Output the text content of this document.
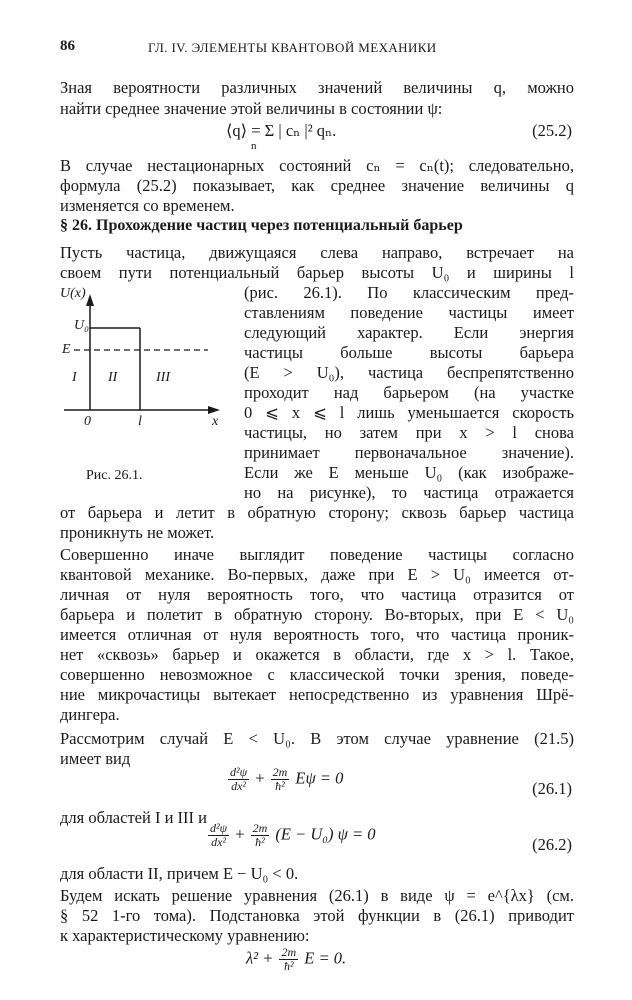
86	ГЛ. IV. ЭЛЕМЕНТЫ КВАНТОВОЙ МЕХАНИКИ
Зная вероятности различных значений величины q, можно
найти среднее значение этой величины в состоянии ψ:
⟨q⟩ = Σ | cₙ |² qₙ.
n
(25.2)
В случае нестационарных состояний cₙ = cₙ(t); следовательно,
формула (25.2) показывает, как среднее значение величины q
изменяется со временем.
§ 26. Прохождение частиц через потенциальный барьер
Пусть частица, движущаяся слева направо, встречает на
своем пути потенциальный барьер высоты U₀ и ширины l
(рис. 26.1). По классическим пред-
ставлениям поведение частицы имеет
следующий характер. Если энергия
частицы больше высоты барьера
(E > U₀), частица беспрепятственно
проходит над барьером (на участке
0 ⩽ x ⩽ l лишь уменьшается скорость
частицы, но затем при x > l снова
принимает первоначальное значение).
Если же E меньше U₀ (как изображе-
но на рисунке), то частица отражается
U(x)
U₀
E
I II	III
0	l	x
Рис. 26.1.
от барьера и летит в обратную сторону; сквозь барьер частица
проникнуть не может.
Совершенно иначе выглядит поведение частицы согласно
квантовой механике. Во-первых, даже при E > U₀ имеется от-
личная от нуля вероятность того, что частица отразится от
барьера и полетит в обратную сторону. Во-вторых, при E < U₀
имеется отличная от нуля вероятность того, что частица проник-
нет «сквозь» барьер и окажется в области, где x > l. Такое,
совершенно невозможное с классической точки зрения, поведе-
ние микрочастицы вытекает непосредственно из уравнения Шрё-
дингера.
Рассмотрим случай E < U₀. В этом случае уравнение (21.5)
имеет вид
$\frac{\text{d²ψ}}{\text{dx²}} + \frac{2m}{\text{ħ²}}$ Eψ = 0
(26.1)
для областей I и III и
$\frac{\text{d²ψ}}{\text{dx²}} + \frac{2m}{\text{ħ²}} (E - U_0) \psi = 0$
(26.2)
для области II, причем E − U₀ < 0.
Будем искать решение уравнения (26.1) в виде ψ = e^{λx} (см.
§ 52 1-го тома). Подстановка этой функции в (26.1) приводит
к характеристическому уравнению:
$\lambda^2 + \frac{2m}{\text{ħ²}}$ E = 0.
